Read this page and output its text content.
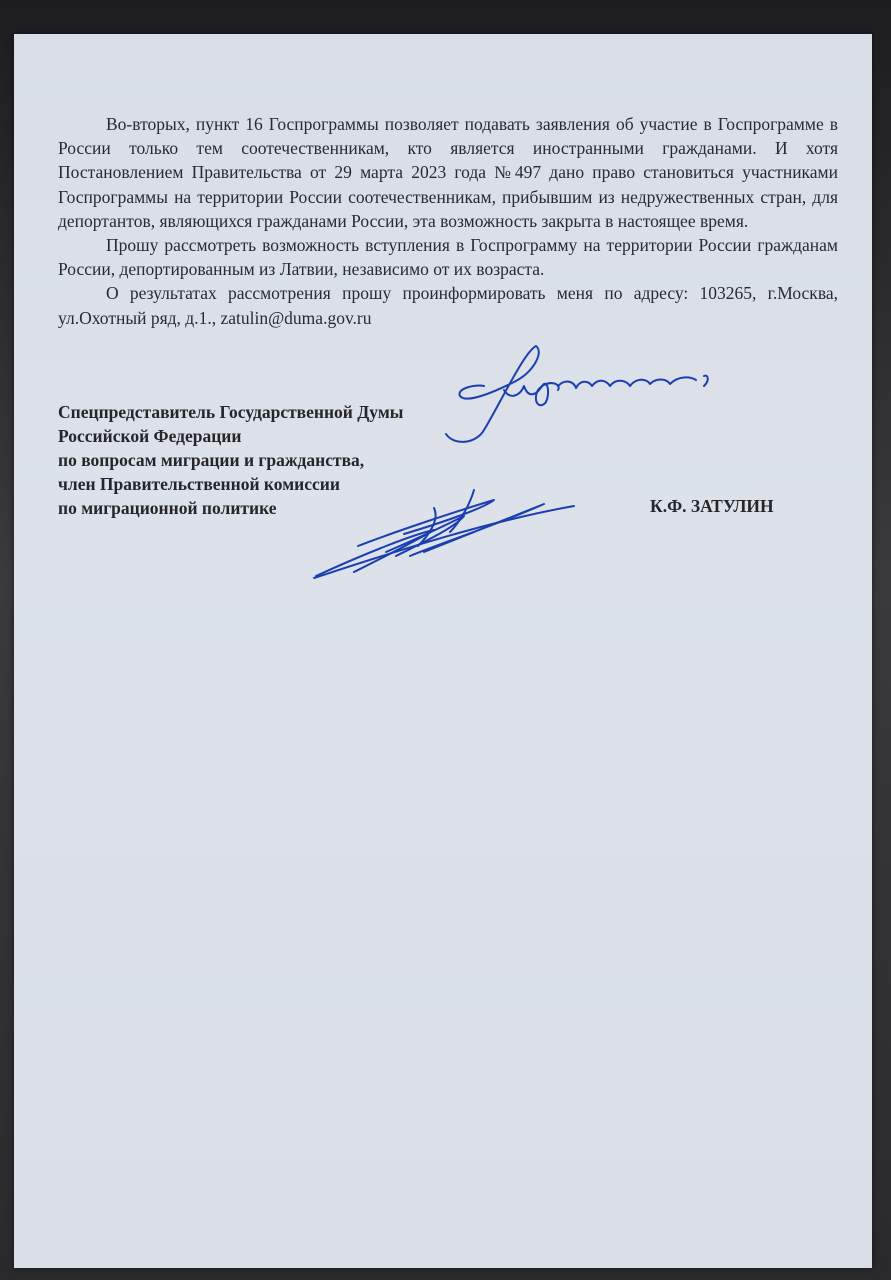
Во-вторых, пункт 16 Госпрограммы позволяет подавать заявления об участие в Госпрограмме в России только тем соотечественникам, кто является иностранными гражданами. И хотя Постановлением Правительства от 29 марта 2023 года №497 дано право становиться участниками Госпрограммы на территории России соотечественникам, прибывшим из недружественных стран, для депортантов, являющихся гражданами России, эта возможность закрыта в настоящее время.

Прошу рассмотреть возможность вступления в Госпрограмму на территории России гражданам России, депортированным из Латвии, независимо от их возраста.

О результатах рассмотрения прошу проинформировать меня по адресу: 103265, г.Москва, ул.Охотный ряд, д.1., zatulin@duma.gov.ru

Спецпредставитель Государственной Думы
Российской Федерации
по вопросам миграции и гражданства,
член Правительственной комиссии
по миграционной политике	К.Ф. ЗАТУЛИН
